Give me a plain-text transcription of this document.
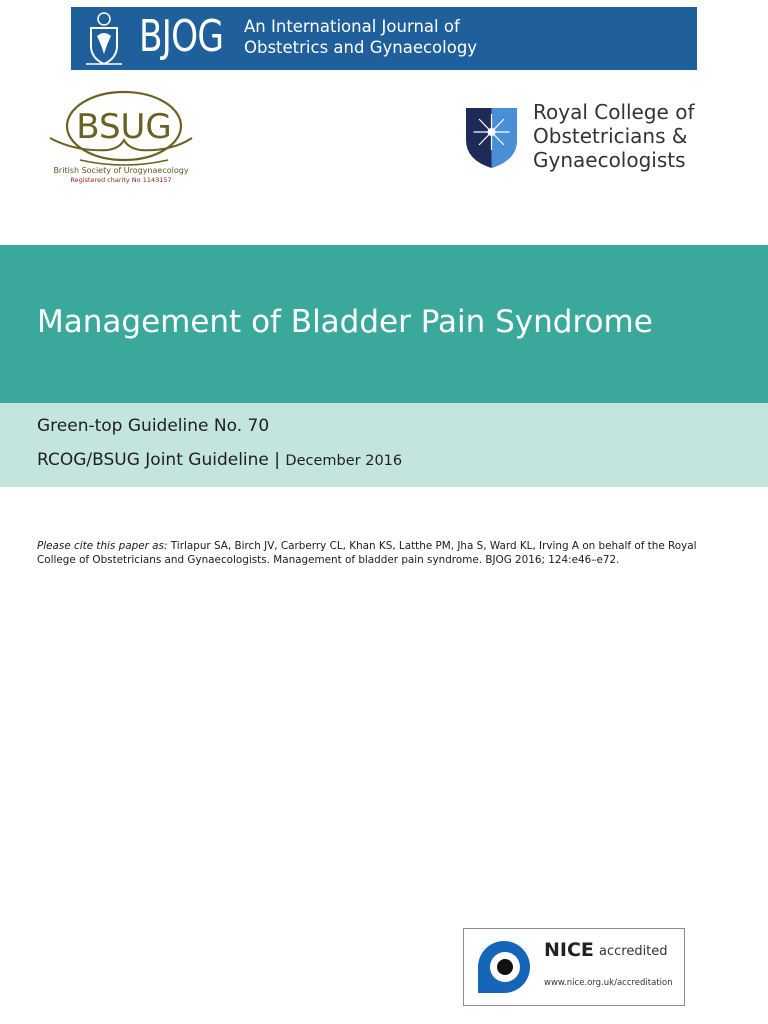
BJOG An International Journal of
Obstetrics and Gynaecology
BSUG
British Society of Urogynaecology
Registered charity No 1143157
Royal College of
Obstetricians &
Gynaecologists
Management of Bladder Pain Syndrome
Green-top Guideline No. 70
RCOG/BSUG Joint Guideline | December 2016
Please cite this paper as: Tirlapur SA, Birch JV, Carberry CL, Khan KS, Latthe PM, Jha S, Ward KL, Irving A on behalf of the Royal College of Obstetricians and Gynaecologists. Management of bladder pain syndrome. BJOG 2016; 124:e46–e72.
NICE accredited
www.nice.org.uk/accreditation
